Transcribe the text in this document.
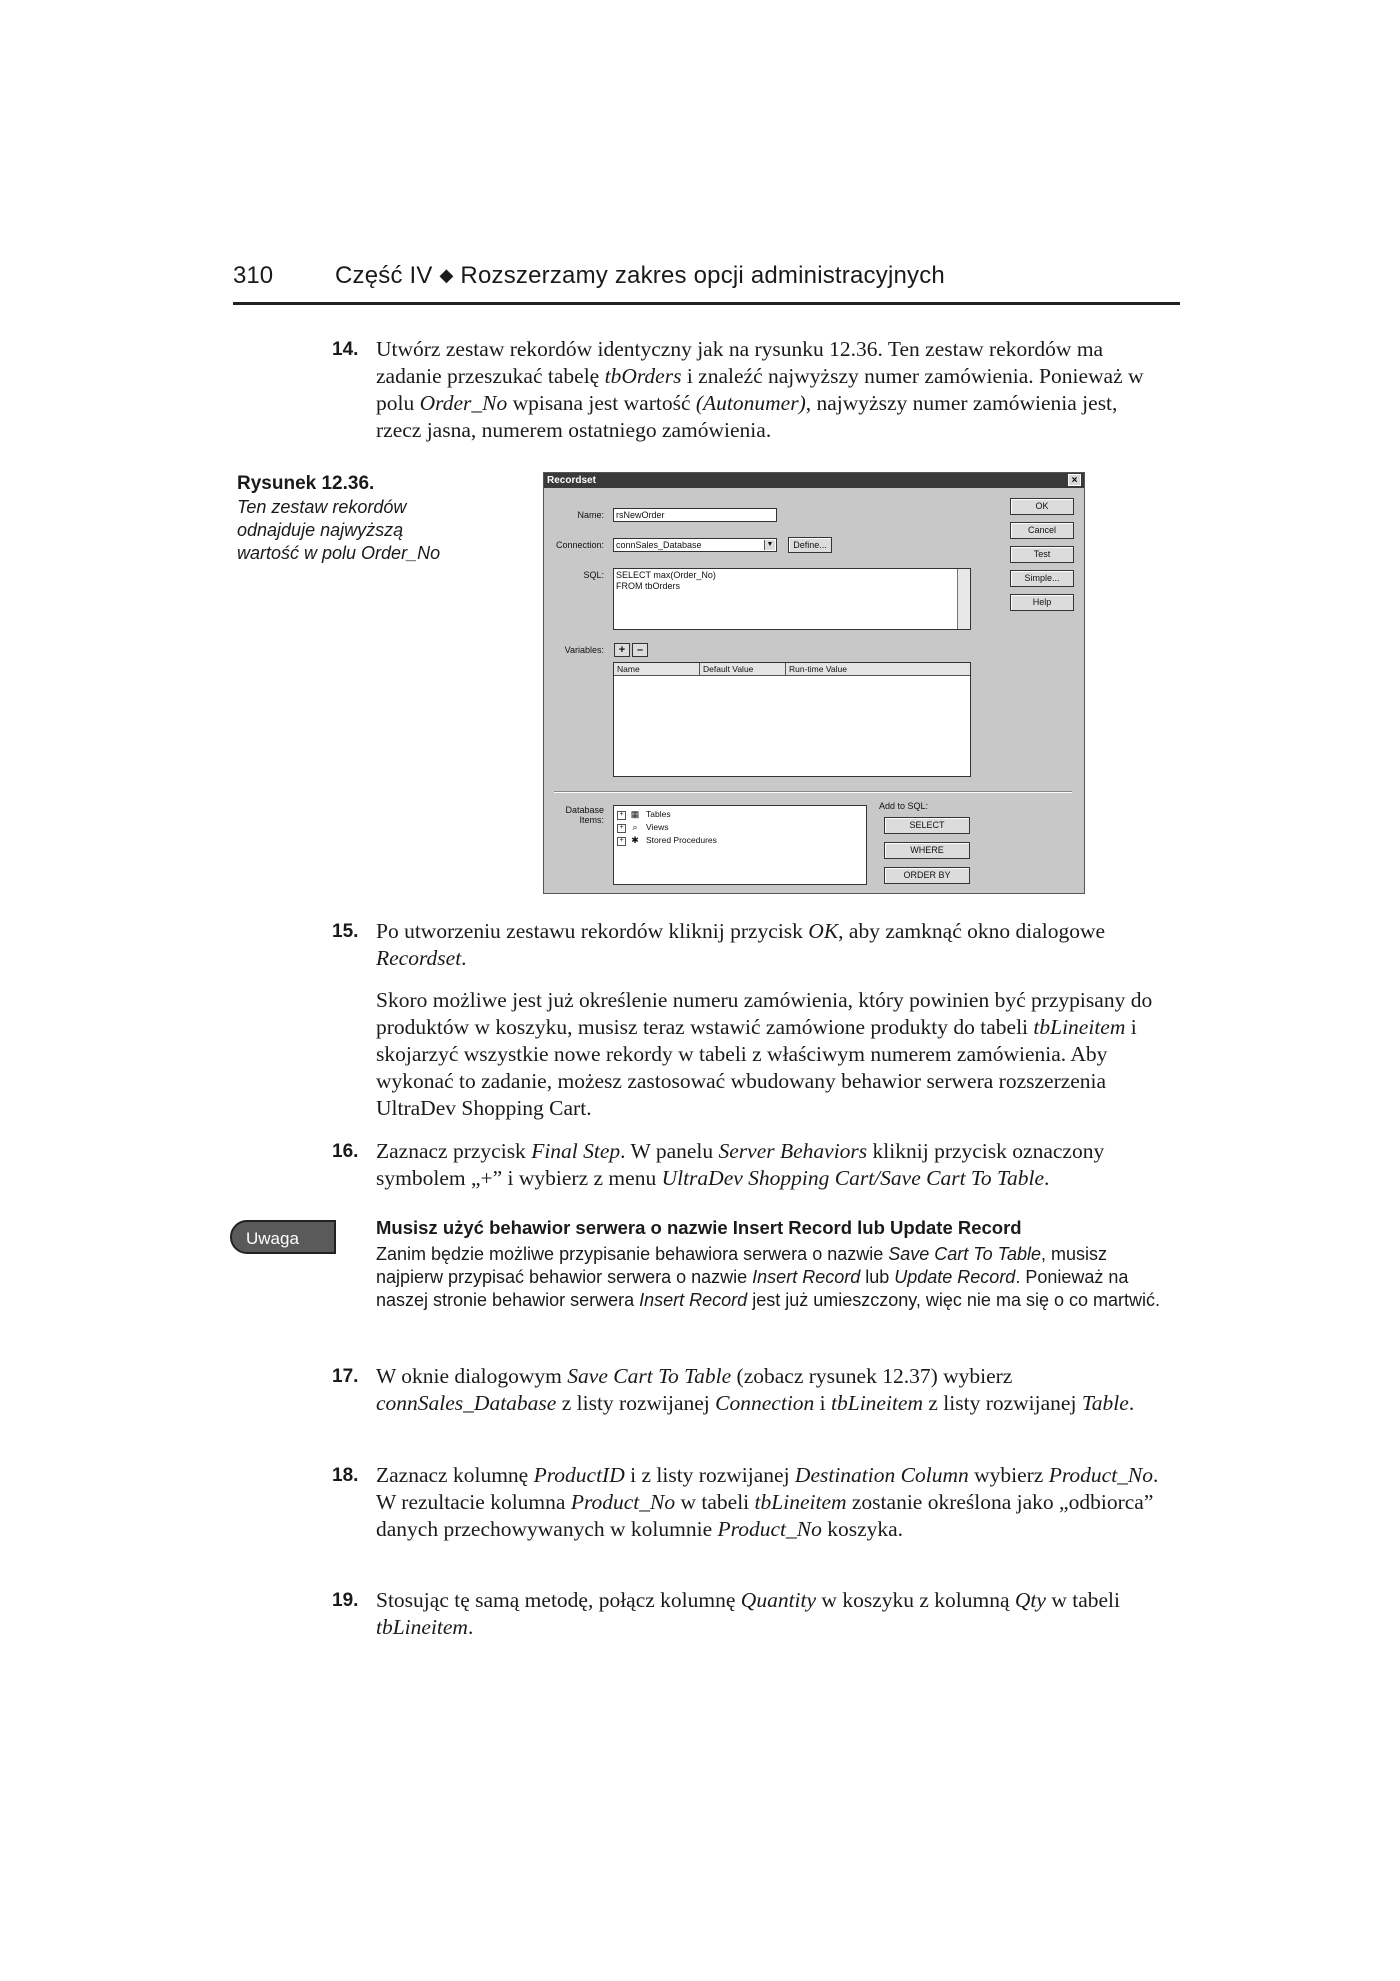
310	Część IV ◆ Rozszerzamy zakres opcji administracyjnych
14. Utwórz zestaw rekordów identyczny jak na rysunku 12.36. Ten zestaw rekordów ma zadanie przeszukać tabelę tbOrders i znaleźć najwyższy numer zamówienia. Ponieważ w polu Order_No wpisana jest wartość (Autonumer), najwyższy numer zamówienia jest, rzecz jasna, numerem ostatniego zamówienia.
Rysunek 12.36.
Ten zestaw rekordów odnajduje najwyższą wartość w polu Order_No
Recordset	×
Name:	rsNewOrder
Connection:	connSales_Database	▼	Define...
SQL: SELECT max(Order_No)
FROM tbOrders
Variables:	+	–
Name	Default Value	Run-time Value
Database
Items:
+ ▦ Tables
+ ⌕ Views
+ ✱ Stored Procedures
Add to SQL:
SELECT
WHERE
ORDER BY
OK
Cancel
Test
Simple...
Help
15. Po utworzeniu zestawu rekordów kliknij przycisk OK, aby zamknąć okno dialogowe Recordset.
Skoro możliwe jest już określenie numeru zamówienia, który powinien być przypisany do produktów w koszyku, musisz teraz wstawić zamówione produkty do tabeli tbLineitem i skojarzyć wszystkie nowe rekordy w tabeli z właściwym numerem zamówienia. Aby wykonać to zadanie, możesz zastosować wbudowany behawior serwera rozszerzenia UltraDev Shopping Cart.
16. Zaznacz przycisk Final Step. W panelu Server Behaviors kliknij przycisk oznaczony symbolem „+” i wybierz z menu UltraDev Shopping Cart/Save Cart To Table.
Uwaga
Musisz użyć behawior serwera o nazwie Insert Record lub Update Record
Zanim będzie możliwe przypisanie behawiora serwera o nazwie Save Cart To Table, musisz najpierw przypisać behawior serwera o nazwie Insert Record lub Update Record. Ponieważ na naszej stronie behawior serwera Insert Record jest już umieszczony, więc nie ma się o co martwić.
17. W oknie dialogowym Save Cart To Table (zobacz rysunek 12.37) wybierz connSales_Database z listy rozwijanej Connection i tbLineitem z listy rozwijanej Table.
18. Zaznacz kolumnę ProductID i z listy rozwijanej Destination Column wybierz Product_No. W rezultacie kolumna Product_No w tabeli tbLineitem zostanie określona jako „odbiorca” danych przechowywanych w kolumnie Product_No koszyka.
19. Stosując tę samą metodę, połącz kolumnę Quantity w koszyku z kolumną Qty w tabeli tbLineitem.
